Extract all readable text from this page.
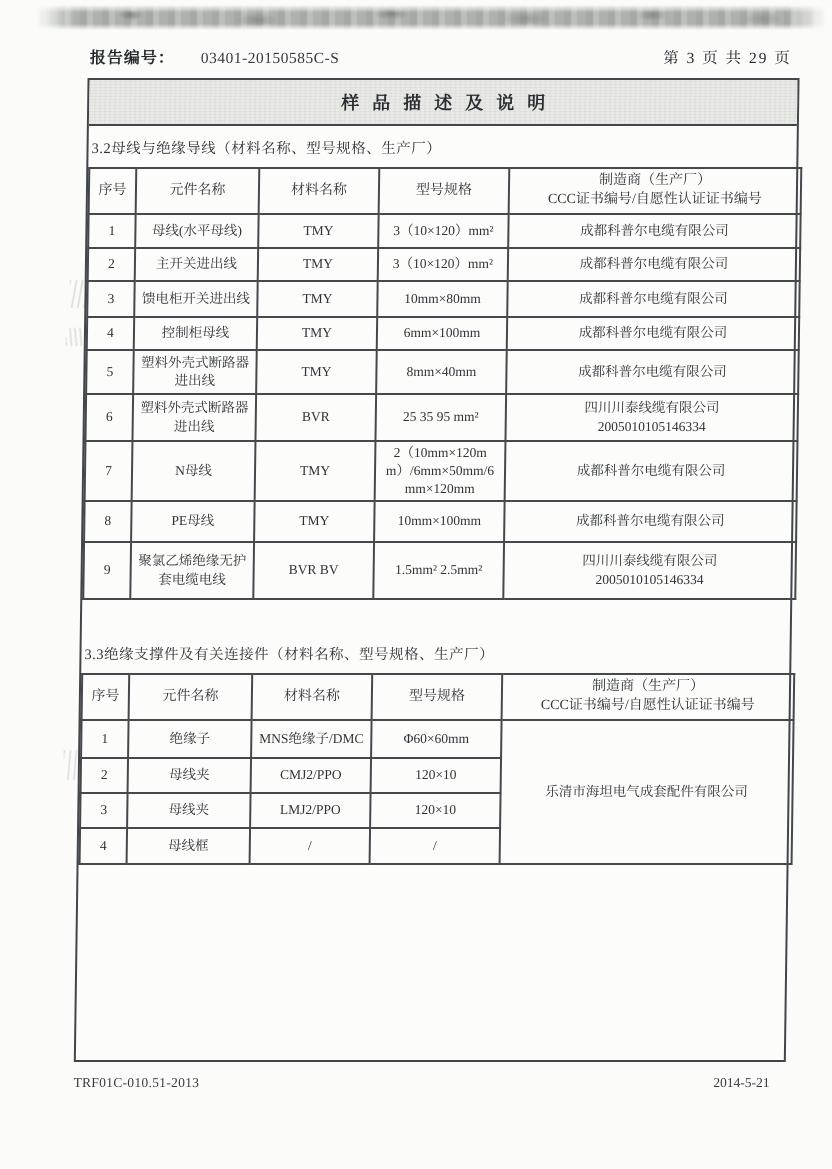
报告编号： 03401-20150585C-S	第 3 页 共 29 页
样品描述及说明
3.2母线与绝缘导线（材料名称、型号规格、生产厂）
序号	元件名称	材料名称	型号规格	制造商（生产厂）
CCC证书编号/自愿性认证证书编号
1	母线(水平母线)	TMY	3（10×120）mm²	成都科普尔电缆有限公司
2	主开关进出线	TMY	3（10×120）mm²	成都科普尔电缆有限公司
3	馈电柜开关进出线	TMY	10mm×80mm	成都科普尔电缆有限公司
4	控制柜母线	TMY	6mm×100mm	成都科普尔电缆有限公司
5	塑料外壳式断路器进出线	TMY	8mm×40mm	成都科普尔电缆有限公司
6	塑料外壳式断路器进出线	BVR	25 35 95 mm²	四川川泰线缆有限公司
2005010105146334
7	N母线	TMY	2（10mm×120mm）/6mm×50mm/6mm×120mm	成都科普尔电缆有限公司
8	PE母线	TMY	10mm×100mm	成都科普尔电缆有限公司
9	聚氯乙烯绝缘无护套电缆电线	BVR BV	1.5mm² 2.5mm²	四川川泰线缆有限公司
2005010105146334
3.3绝缘支撑件及有关连接件（材料名称、型号规格、生产厂）
序号	元件名称	材料名称	型号规格	制造商（生产厂）
CCC证书编号/自愿性认证证书编号
1	绝缘子	MNS绝缘子/DMC	Φ60×60mm	乐清市海坦电气成套配件有限公司
2	母线夹	CMJ2/PPO	120×10	
3	母线夹	LMJ2/PPO	120×10	
4	母线框	/	/	
TRF01C-010.51-2013	2014-5-21
